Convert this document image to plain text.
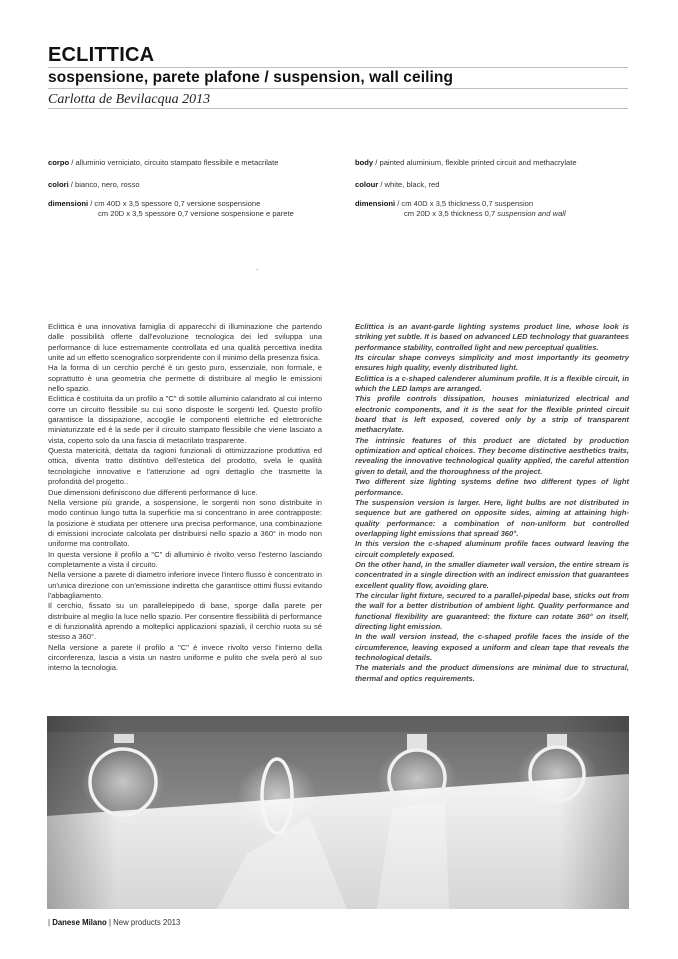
ECLITTICA
sospensione, parete plafone / suspension, wall ceiling
Carlotta de Bevilacqua 2013
corpo / alluminio verniciato, circuito stampato flessibile e metacrilate
colori / bianco, nero, rosso
dimensioni / cm 40D x 3,5 spessore 0,7 versione sospensione
cm 20D x 3,5 spessore 0,7 versione sospensione e parete
body / painted aluminium, flexible printed circuit and methacrylate
colour / white, black, red
dimensioni / cm 40D x 3,5 thickness 0,7 suspension
cm 20D x 3,5 thickness 0,7 suspension and wall
.

Eclittica è una innovativa famiglia di apparecchi di illuminazione che partendo dalle possibilità offerte dall'evoluzione tecnologica dei led sviluppa una performance di luce estremamente controllata ed una qualità percettiva inedita unite ad un effetto scenografico sorprendente con il minimo della presenza fisica.

Ha la forma di un cerchio perché è un gesto puro, essenziale, non formale, e soprattutto è una geometria che permette di distribuire al meglio le emissioni nello spazio.

Eclittica è costituita da un profilo a "C" di sottile alluminio calandrato al cui interno corre un circuito flessibile su cui sono disposte le sorgenti led. Questo profilo garantisce la dissipazione, accoglie le componenti elettriche ed elettroniche miniaturizzate ed è la sede per il circuito stampato flessibile che viene lasciato a vista, coperto solo da una fascia di metacrilato trasparente.

Questa matericità, dettata da ragioni funzionali di ottimizzazione produttiva ed ottica, diventa tratto distintivo dell'estetica del prodotto, svela le qualità tecnologiche innovative e l'attenzione ad ogni dettaglio che trasmette la profondità del progetto..

Due dimensioni definiscono due differenti performance di luce.

Nella versione più grande, a sospensione, le sorgenti non sono distribuite in modo continuo lungo tutta la superficie ma si concentrano in aree contrapposte: la posizione è studiata per ottenere una precisa performance, una combinazione di emissioni incrociate calcolata per distribuirsi nello spazio a 360° in modo non uniforme ma controllato.

In questa versione il profilo a "C" di alluminio è rivolto verso l'esterno lasciando completamente a vista il circuito.

Nella versione a parete di diametro inferiore invece l'intero flusso è concentrato in un'unica direzione con un'emissione indiretta che garantisce ottimi flussi evitando l'abbagliamento.

Il cerchio, fissato su un parallelepipedo di base, sporge dalla parete per distribuire al meglio la luce nello spazio. Per consentire flessibilità di performance e di funzionalità aprendo a molteplici applicazioni spaziali, il cerchio ruota su sé stesso a 360°.

Nella versione a parete il profilo a "C" è invece rivolto verso l'interno della circonferenza, lascia a vista un nastro uniforme e pulito che svela però al suo interno la tecnologia.

Eclittica is an avant-garde lighting systems product line, whose look is striking yet subtle. It is based on advanced LED technology that guarantees performance stability, controlled light and new perceptual qualities.

Its circular shape conveys simplicity and most importantly its geometry ensures high quality, evenly distributed light.

Eclittica is a c-shaped calenderer aluminum profile. It is a flexible circuit, in which the LED lamps are arranged.

This profile controls dissipation, houses miniaturized electrical and electronic components, and it is the seat for the flexible printed circuit board that is left exposed, covered only by a strip of transparent methacrylate.

The intrinsic features of this product are dictated by production optimization and optical choices. They become distinctive aesthetics traits, revealing the innovative technological quality applied, the careful attention given to detail, and the thoroughness of the project.

Two different size lighting systems define two different types of light performance.

The suspension version is larger. Here, light bulbs are not distributed in sequence but are gathered on opposite sides, aiming at attaining high-quality performance: a combination of non-uniform but controlled overlapping light emissions that spread 360°.

In this version the c-shaped aluminum profile faces outward leaving the circuit completely exposed.

On the other hand, in the smaller diameter wall version, the entire stream is concentrated in a single direction with an indirect emission that guarantees excellent quality flow, avoiding glare.

The circular light fixture, secured to a parallel-pipedal base, sticks out from the wall for a better distribution of ambient light. Quality performance and functional flexibility are guaranteed: the fixture can rotate 360° on itself, directing light emission.

In the wall version instead, the c-shaped profile faces the inside of the circumference, leaving exposed a uniform and clean tape that reveals the technological details.

The materials and the product dimensions are minimal due to structural, thermal and optics requirements.

| Danese Milano | New products 2013
